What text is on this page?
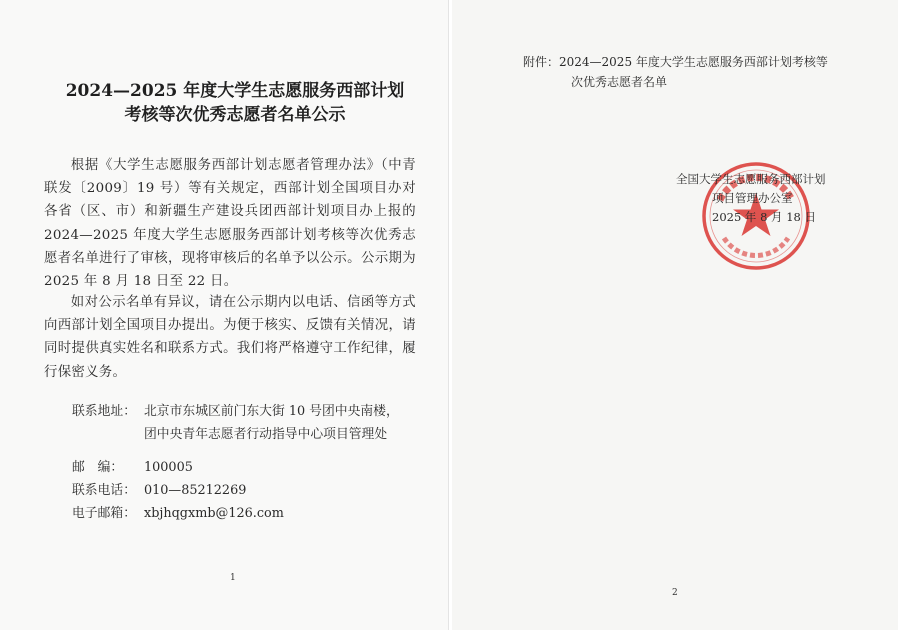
2024—2025 年度大学生志愿服务西部计划
考核等次优秀志愿者名单公示
根据《大学生志愿服务西部计划志愿者管理办法》（中青联发〔2009〕19 号）等有关规定，西部计划全国项目办对各省（区、市）和新疆生产建设兵团西部计划项目办上报的 2024—2025 年度大学生志愿服务西部计划考核等次优秀志愿者名单进行了审核，现将审核后的名单予以公示。公示期为 2025 年 8 月 18 日至 22 日。
如对公示名单有异议，请在公示期内以电话、信函等方式向西部计划全国项目办提出。为便于核实、反馈有关情况，请同时提供真实姓名和联系方式。我们将严格遵守工作纪律，履行保密义务。
联系地址： 北京市东城区前门东大街 10 号团中央南楼，
团中央青年志愿者行动指导中心项目管理处
邮　编：	100005
联系电话： 010—85212269
电子邮箱： xbjhqgxmb@126.com
1
附件：2024—2025 年度大学生志愿服务西部计划考核等
次优秀志愿者名单
全国大学生志愿服务西部计划
项目管理办公室
2025 年 8 月 18 日
2
